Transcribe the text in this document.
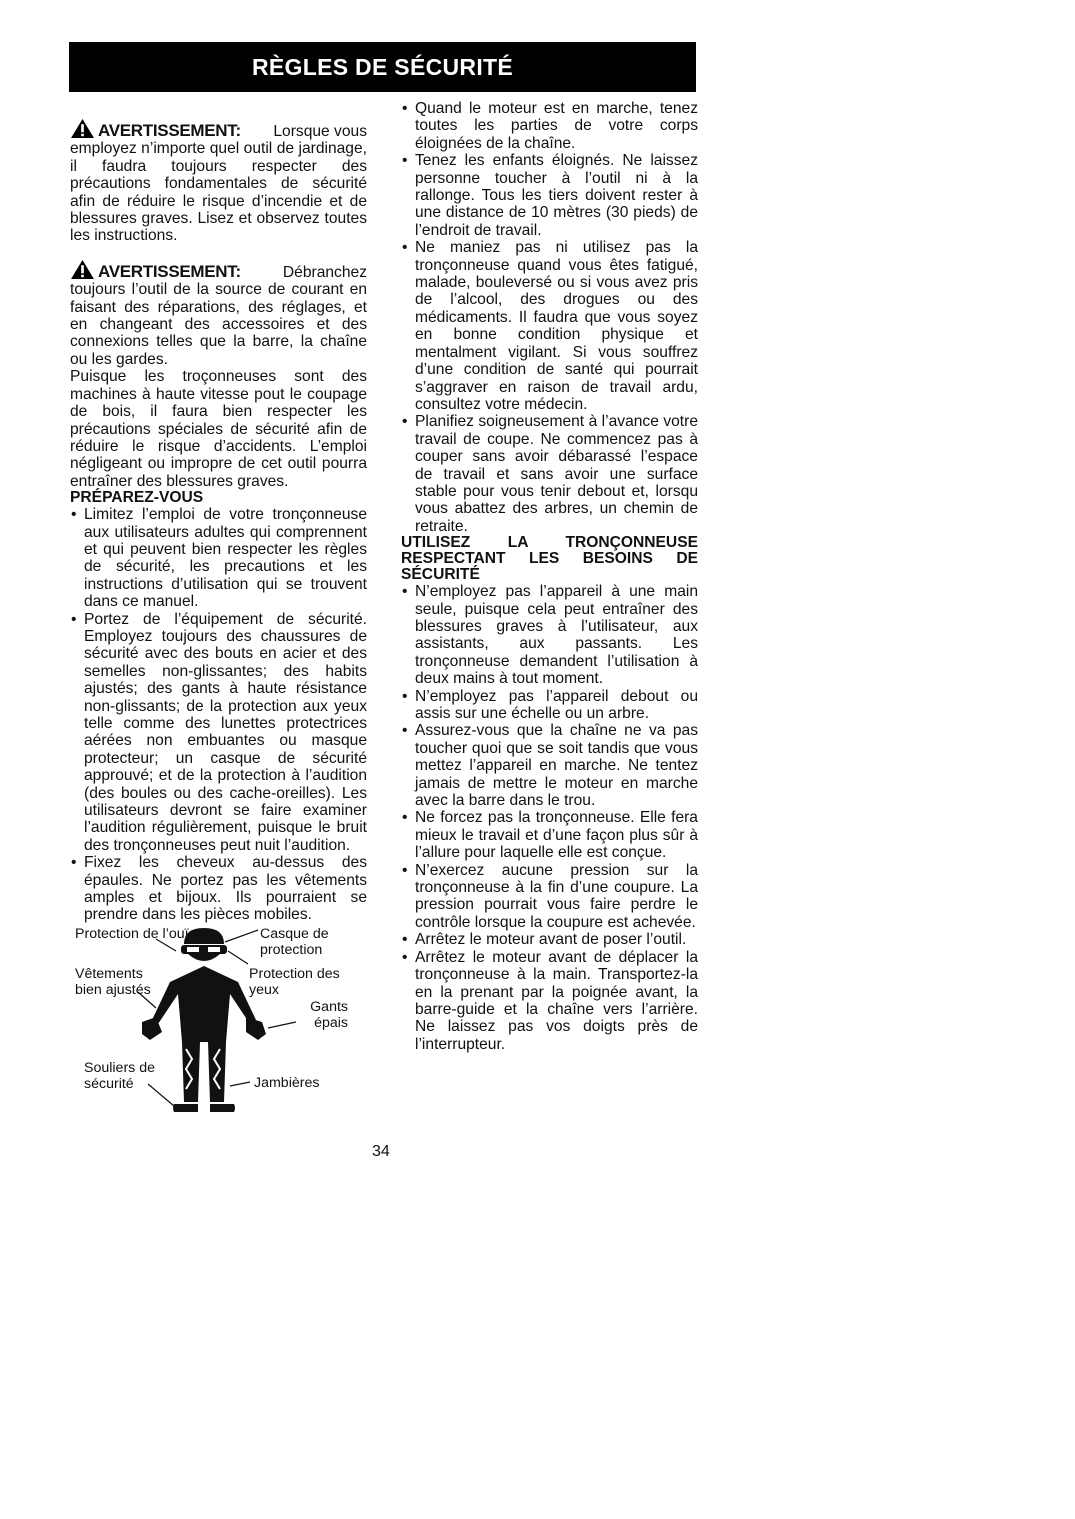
RÈGLES DE SÉCURITÉ
AVERTISSEMENT: Lorsque vous
employez n’importe quel outil de jardinage, il faudra toujours respecter des précautions fondamentales de sécurité afin de réduire le risque d’incendie et de blessures graves. Lisez et observez toutes les instructions.
AVERTISSEMENT:	Débranchez
toujours l’outil de la source de courant en faisant des réparations, des réglages, et en changeant des accessoires et des connexions telles que la barre, la chaîne ou les gardes.
Puisque les troçonneuses sont des machines à haute vitesse pout le coupage de bois, il faura bien respecter les précautions spéciales de sécurité afin de réduire le risque d’accidents. L’emploi négligeant ou impropre de cet outil pourra entraîner des blessures graves.
PRÉPAREZ-VOUS
• Limitez l’emploi de votre tronçonneuse aux utilisateurs adultes qui comprennent et qui peuvent bien respecter les règles de sécurité, les precautions et les instructions d’utilisation qui se trouvent dans ce manuel.
• Portez de l’équipement de sécurité. Employez toujours des chaussures de sécurité avec des bouts en acier et des semelles non-glissantes; des habits ajustés; des gants à haute résistance non-glissants; de la protection aux yeux telle comme des lunettes protectrices aérées non embuantes ou masque protecteur; un casque de sécurité approuvé; et de la protection à l’audition (des boules ou des cache-oreilles). Les utilisateurs devront se faire examiner l’audition régulièrement, puisque le bruit des tronçonneuses peut nuit l’audition.
• Fixez les cheveux au-dessus des épaules. Ne portez pas les vêtements amples et bijoux. Ils pourraient se prendre dans les pièces mobiles.
Protection de l’ouïe	Casque de protection
Vêtements bien ajustés
Protection des yeux
Gants épais
Souliers de sécurité	Jambières
• Quand le moteur est en marche, tenez toutes les parties de votre corps éloignées de la chaîne.
• Tenez les enfants éloignés. Ne laissez personne toucher à l’outil ni à la rallonge. Tous les tiers doivent rester à une distance de 10 mètres (30 pieds) de l’endroit de travail.
• Ne maniez pas ni utilisez pas la tronçonneuse quand vous êtes fatigué, malade, bouleversé ou si vous avez pris de l’alcool, des drogues ou des médicaments. Il faudra que vous soyez en bonne condition physique et mentalment vigilant. Si vous souffrez d’une condition de santé qui pourrait s’aggraver en raison de travail ardu, consultez votre médecin.
• Planifiez soigneusement à l’avance votre travail de coupe. Ne commencez pas à couper sans avoir débarassé l’espace de travail et sans avoir une surface stable pour vous tenir debout et, lorsqu vous abattez des arbres, un chemin de retraite.
UTILISEZ LA TRONÇONNEUSE RESPECTANT LES BESOINS DE SÉCURITÉ
• N’employez pas l’appareil à une main seule, puisque cela peut entraîner des blessures graves à l’utilisateur, aux assistants, aux passants. Les tronçonneuse demandent l’utilisation à deux mains à tout moment.
• N’employez pas l’appareil debout ou assis sur une échelle ou un arbre.
• Assurez-vous que la chaîne ne va pas toucher quoi que se soit tandis que vous mettez l’appareil en marche. Ne tentez jamais de mettre le moteur en marche avec la barre dans le trou.
• Ne forcez pas la tronçonneuse. Elle fera mieux le travail et d’une façon plus sûr à l’allure pour laquelle elle est conçue.
• N’exercez aucune pression sur la tronçonneuse à la fin d’une coupure. La pression pourrait vous faire perdre le contrôle lorsque la coupure est achevée.
• Arrêtez le moteur avant de poser l’outil.
• Arrêtez le moteur avant de déplacer la tronçonneuse à la main. Transportez-la en la prenant par la poignée avant, la barre-guide et la chaîne vers l’arrière. Ne laissez pas vos doigts près de l’interrupteur.
34
